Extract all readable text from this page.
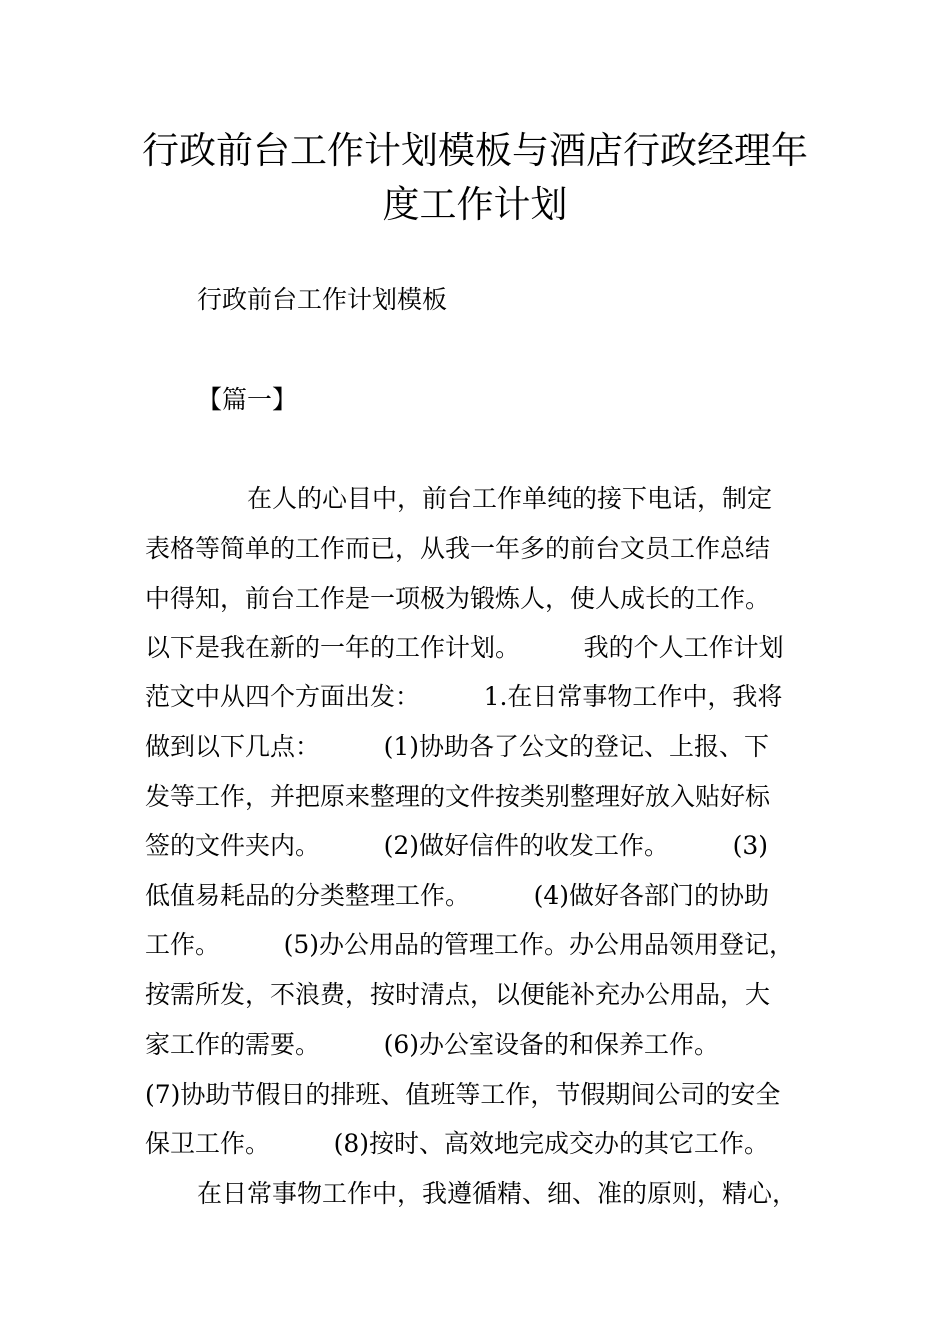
行政前台工作计划模板与酒店行政经理年
度工作计划

行政前台工作计划模板

【篇一】

在人的心目中，前台工作单纯的接下电话，制定

表格等简单的工作而已，从我一年多的前台文员工作总结

中得知，前台工作是一项极为锻炼人，使人成长的工作。

以下是我在新的一年的工作计划。        我的个人工作计划

范文中从四个方面出发：        1.在日常事物工作中，我将

做到以下几点：        (1)协助各了公文的登记、上报、下

发等工作，并把原来整理的文件按类别整理好放入贴好标

签的文件夹内。        (2)做好信件的收发工作。        (3)

低值易耗品的分类整理工作。        (4)做好各部门的协助

工作。        (5)办公用品的管理工作。办公用品领用登记，

按需所发，不浪费，按时清点，以便能补充办公用品，大

家工作的需要。        (6)办公室设备的和保养工作。

(7)协助节假日的排班、值班等工作，节假期间公司的安全

保卫工作。        (8)按时、高效地完成交办的其它工作。

在日常事物工作中，我遵循精、细、准的原则，精心，
